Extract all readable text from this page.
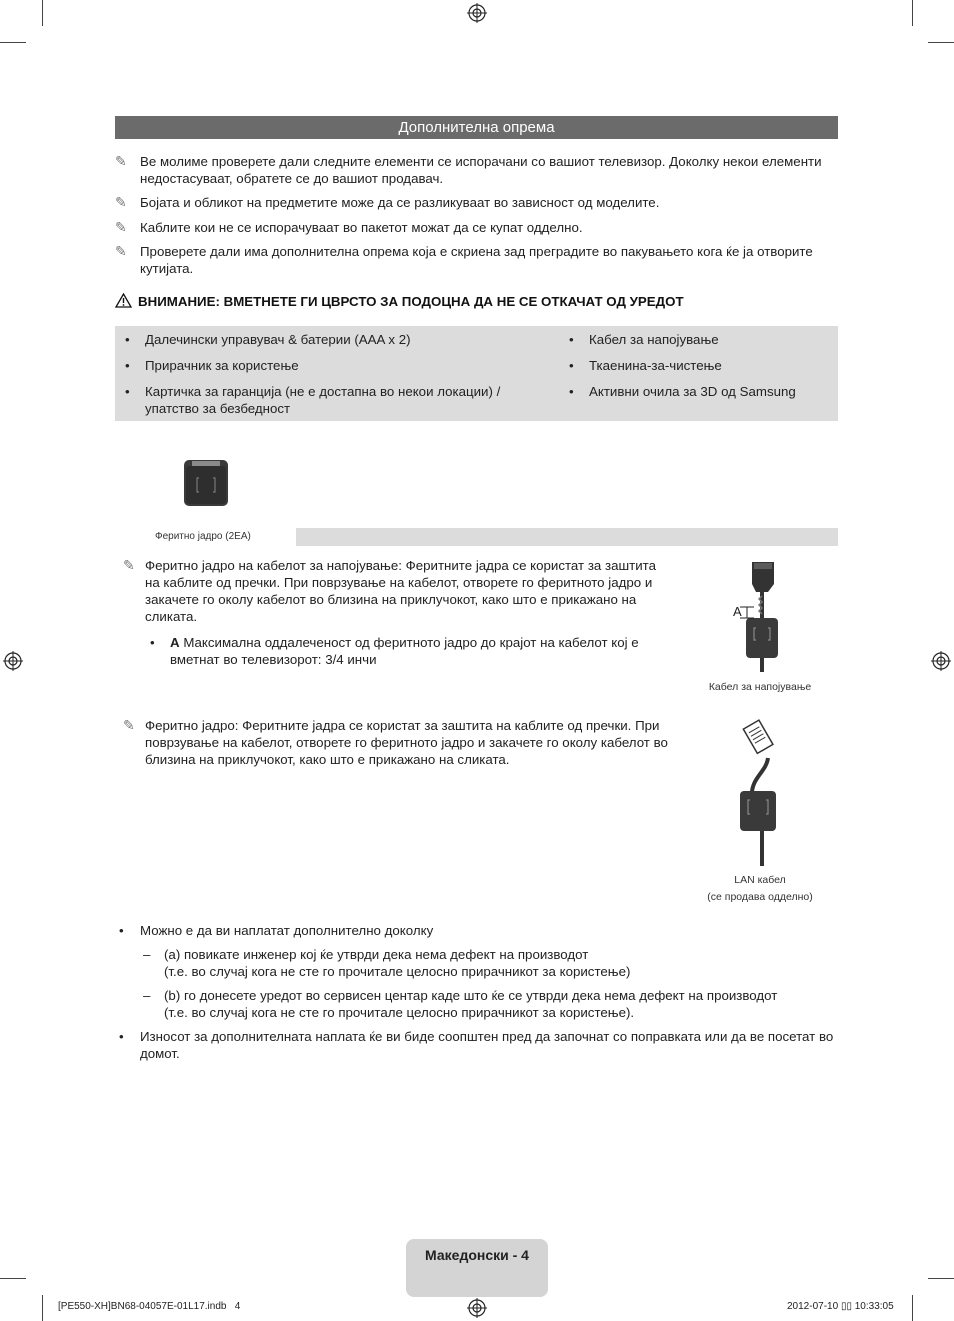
Дополнителна опрема
✎ Ве молиме проверете дали следните елементи се испорачани со вашиот телевизор. Доколку некои елементи недостасуваат, обратете се до вашиот продавач.
✎ Бојата и обликот на предметите може да се разликуваат во зависност од моделите.
✎ Каблите кои не се испорачуваат во пакетот можат да се купат одделно.
✎ Проверете дали има дополнителна опрема која е скриена зад преградите во пакувањето кога ќе ја отворите кутијата.
ВНИМАНИЕ: ВМЕТНЕТЕ ГИ ЦВРСТО ЗА ПОДОЦНА ДА НЕ СЕ ОТКАЧАТ ОД УРЕДОТ
• Далечински управувач & батерии (AAA x 2)
• Прирачник за користење
• Картичка за гаранција (не е достапна во некои локации) / упатство за безбедност
• Кабел за напојување
• Ткаенина-за-чистење
• Активни очила за 3D од Samsung
Феритно јадро (2EA)
✎ Феритно јадро на кабелот за напојување: Феритните јадра се користат за заштита на каблите од пречки. При поврзување на кабелот, отворете го феритното јадро и закачете го околу кабелот во близина на приклучокот, како што е прикажано на сликата.
• A Максимална оддалеченост од феритното јадро до крајот на кабелот кој е вметнат во телевизорот: 3/4 инчи
A
Кабел за напојување
✎ Феритно јадро: Феритните јадра се користат за заштита на каблите од пречки. При поврзување на кабелот, отворете го феритното јадро и закачете го околу кабелот во близина на приклучокот, како што е прикажано на сликата.
LAN кабел
(се продава одделно)
• Можно е да ви наплатат дополнително доколку
– (a) повикате инженер кој ќе утврди дека нема дефект на производот
(т.е. во случај кога не сте го прочитале целосно прирачникот за користење)
– (b) го донесете уредот во сервисен центар каде што ќе се утврди дека нема дефект на производот
(т.е. во случај кога не сте го прочитале целосно прирачникот за користење).
• Износот за дополнителната наплата ќе ви биде соопштен пред да започнат со поправката или да ве посетат во домот.
Македонски - 4
[PE550-XH]BN68-04057E-01L17.indb   4	2012-07-10 ▯▯ 10:33:05
